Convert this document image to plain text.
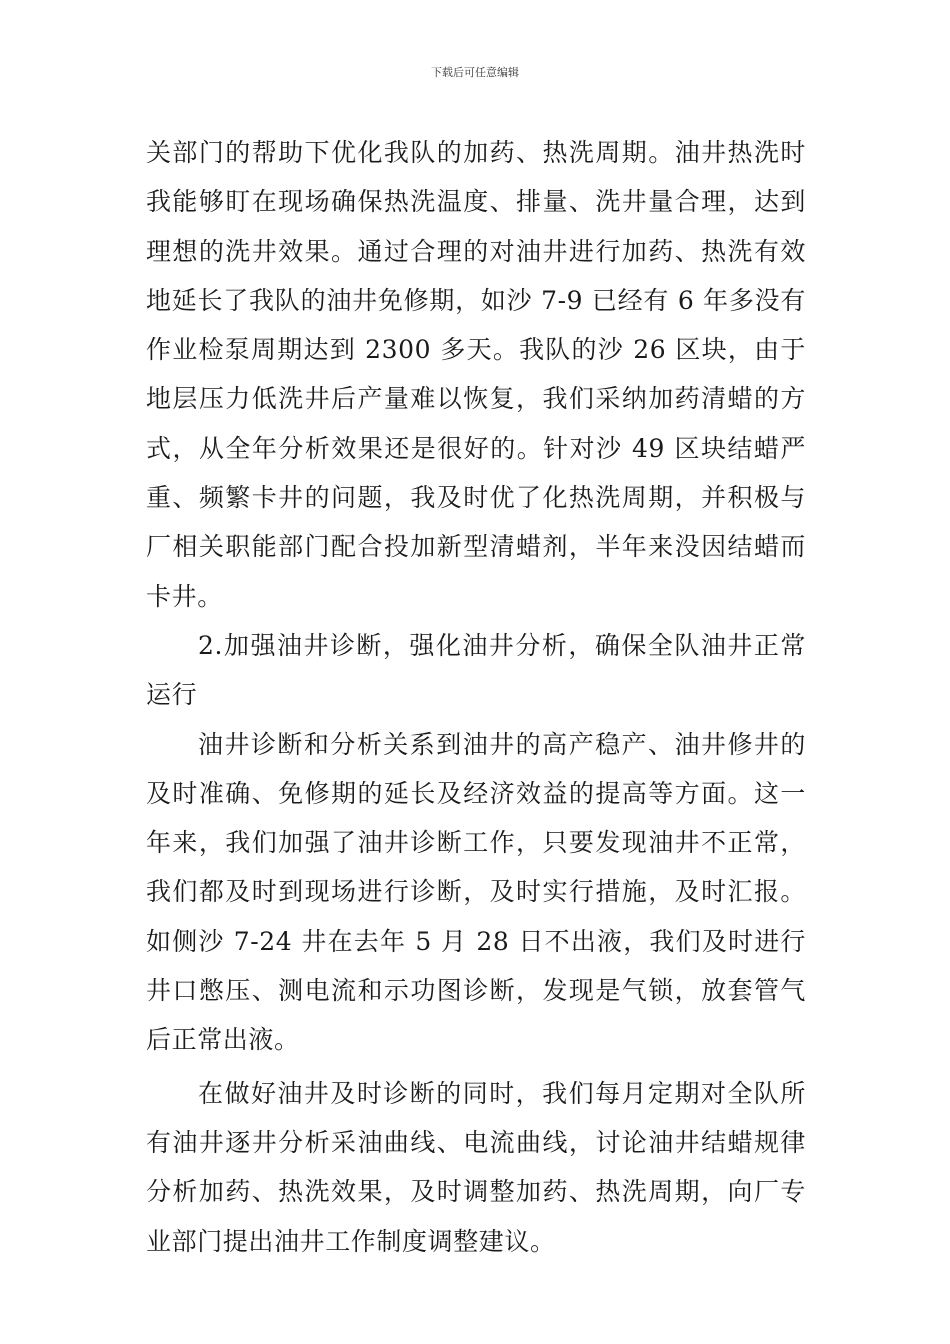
下载后可任意编辑

关部门的帮助下优化我队的加药、热洗周期。油井热洗时我能够盯在现场确保热洗温度、排量、洗井量合理，达到理想的洗井效果。通过合理的对油井进行加药、热洗有效地延长了我队的油井免修期，如沙 7-9 已经有 6 年多没有作业检泵周期达到 2300 多天。我队的沙 26 区块，由于地层压力低洗井后产量难以恢复，我们采纳加药清蜡的方式，从全年分析效果还是很好的。针对沙 49 区块结蜡严重、频繁卡井的问题，我及时优了化热洗周期，并积极与厂相关职能部门配合投加新型清蜡剂，半年来没因结蜡而卡井。

2.加强油井诊断，强化油井分析，确保全队油井正常运行

油井诊断和分析关系到油井的高产稳产、油井修井的及时准确、免修期的延长及经济效益的提高等方面。这一年来，我们加强了油井诊断工作，只要发现油井不正常，我们都及时到现场进行诊断，及时实行措施，及时汇报。如侧沙 7-24 井在去年 5 月 28 日不出液，我们及时进行井口憋压、测电流和示功图诊断，发现是气锁，放套管气后正常出液。

在做好油井及时诊断的同时，我们每月定期对全队所有油井逐井分析采油曲线、电流曲线，讨论油井结蜡规律分析加药、热洗效果，及时调整加药、热洗周期，向厂专业部门提出油井工作制度调整建议。
